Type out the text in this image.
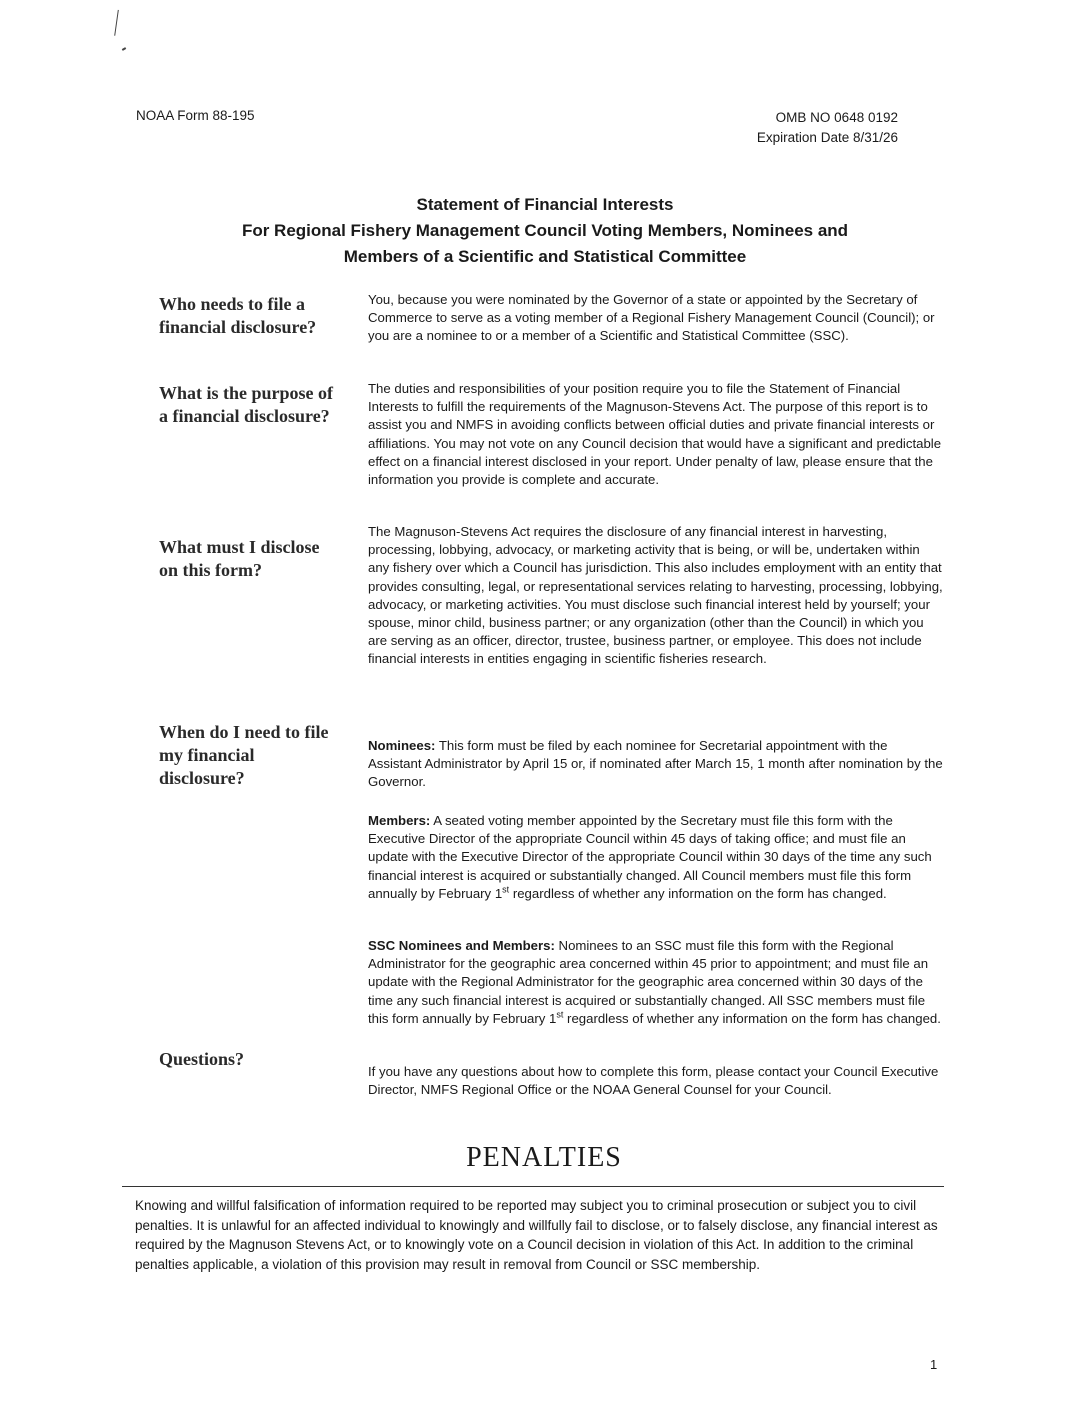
NOAA Form 88-195	OMB NO 0648 0192
Expiration Date 8/31/26
Statement of Financial Interests
For Regional Fishery Management Council Voting Members, Nominees and
Members of a Scientific and Statistical Committee
Who needs to file a financial disclosure?
You, because you were nominated by the Governor of a state or appointed by the Secretary of Commerce to serve as a voting member of a Regional Fishery Management Council (Council); or you are a nominee to or a member of a Scientific and Statistical Committee (SSC).
What is the purpose of a financial disclosure?
The duties and responsibilities of your position require you to file the Statement of Financial Interests to fulfill the requirements of the Magnuson-Stevens Act. The purpose of this report is to assist you and NMFS in avoiding conflicts between official duties and private financial interests or affiliations. You may not vote on any Council decision that would have a significant and predictable effect on a financial interest disclosed in your report. Under penalty of law, please ensure that the information you provide is complete and accurate.
What must I disclose on this form?
The Magnuson-Stevens Act requires the disclosure of any financial interest in harvesting, processing, lobbying, advocacy, or marketing activity that is being, or will be, undertaken within any fishery over which a Council has jurisdiction. This also includes employment with an entity that provides consulting, legal, or representational services relating to harvesting, processing, lobbying, advocacy, or marketing activities. You must disclose such financial interest held by yourself; your spouse, minor child, business partner; or any organization (other than the Council) in which you are serving as an officer, director, trustee, business partner, or employee. This does not include financial interests in entities engaging in scientific fisheries research.
When do I need to file my financial disclosure?
Nominees: This form must be filed by each nominee for Secretarial appointment with the Assistant Administrator by April 15 or, if nominated after March 15, 1 month after nomination by the Governor.
Members: A seated voting member appointed by the Secretary must file this form with the Executive Director of the appropriate Council within 45 days of taking office; and must file an update with the Executive Director of the appropriate Council within 30 days of the time any such financial interest is acquired or substantially changed. All Council members must file this form annually by February 1st regardless of whether any information on the form has changed.
SSC Nominees and Members: Nominees to an SSC must file this form with the Regional Administrator for the geographic area concerned within 45 prior to appointment; and must file an update with the Regional Administrator for the geographic area concerned within 30 days of the time any such financial interest is acquired or substantially changed. All SSC members must file this form annually by February 1st regardless of whether any information on the form has changed.
Questions?
If you have any questions about how to complete this form, please contact your Council Executive Director, NMFS Regional Office or the NOAA General Counsel for your Council.
PENALTIES
Knowing and willful falsification of information required to be reported may subject you to criminal prosecution or subject you to civil penalties. It is unlawful for an affected individual to knowingly and willfully fail to disclose, or to falsely disclose, any financial interest as required by the Magnuson Stevens Act, or to knowingly vote on a Council decision in violation of this Act. In addition to the criminal penalties applicable, a violation of this provision may result in removal from Council or SSC membership.
1
